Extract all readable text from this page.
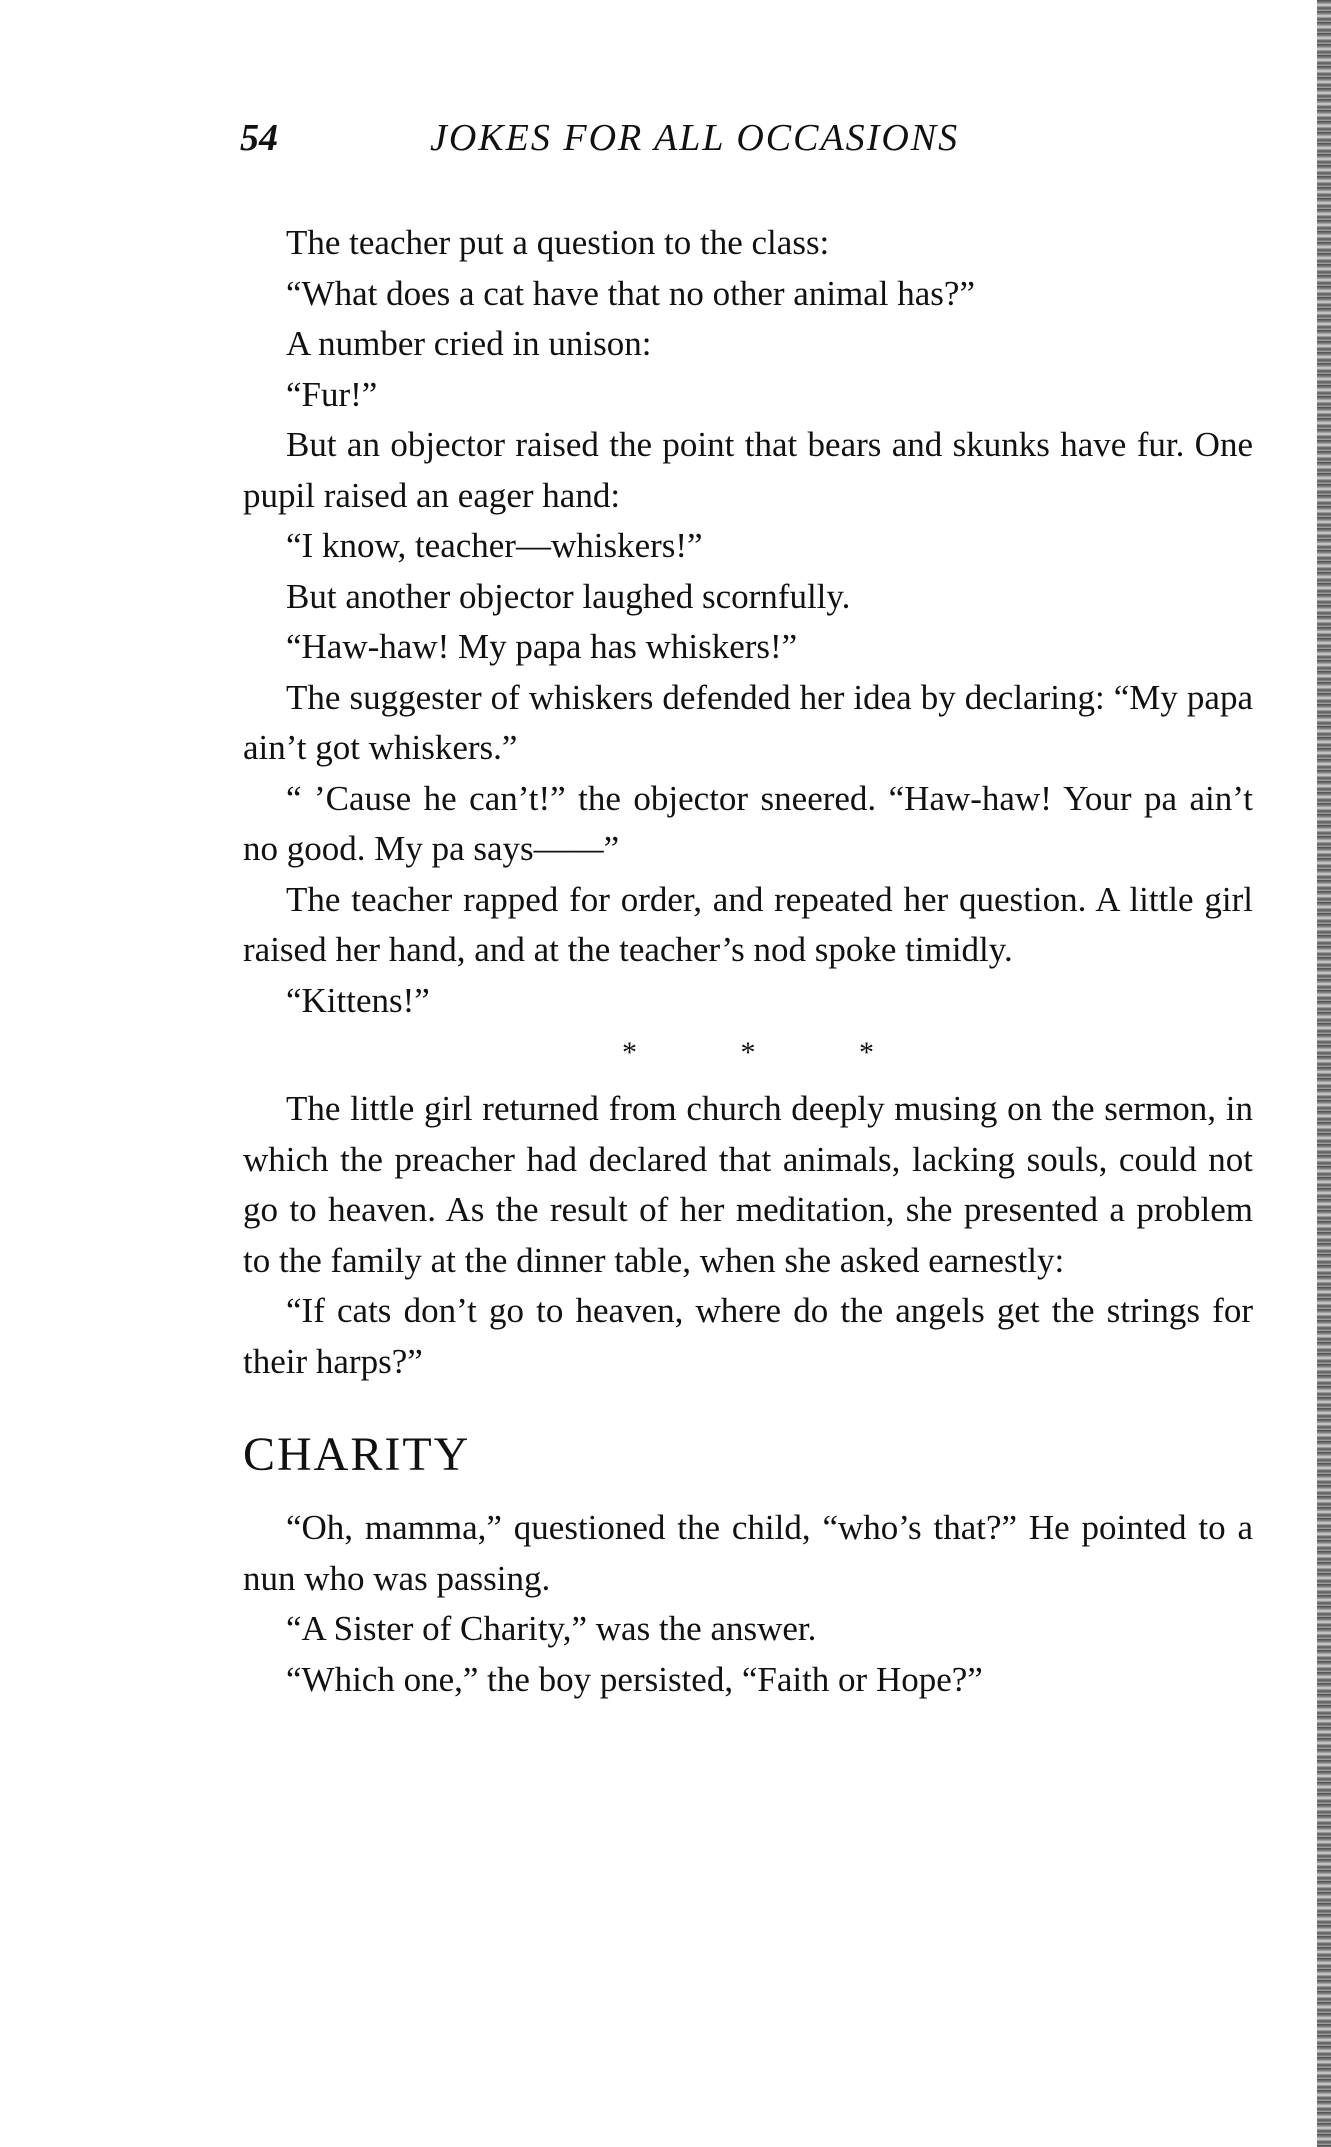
54	JOKES FOR ALL OCCASIONS

The teacher put a question to the class:

“What does a cat have that no other animal has?”

A number cried in unison:

“Fur!”

But an objector raised the point that bears and skunks have fur. One pupil raised an eager hand:

“I know, teacher—whiskers!”

But another objector laughed scornfully.

“Haw-haw! My papa has whiskers!”

The suggester of whiskers defended her idea by declaring: “My papa ain’t got whiskers.”

“ ’Cause he can’t!” the objector sneered. “Haw-haw! Your pa ain’t no good. My pa says——”

The teacher rapped for order, and repeated her question. A little girl raised her hand, and at the teacher’s nod spoke timidly.

“Kittens!”

* * *

The little girl returned from church deeply musing on the sermon, in which the preacher had declared that animals, lacking souls, could not go to heaven. As the result of her meditation, she presented a problem to the family at the dinner table, when she asked earnestly:

“If cats don’t go to heaven, where do the angels get the strings for their harps?”

CHARITY

“Oh, mamma,” questioned the child, “who’s that?” He pointed to a nun who was passing.

“A Sister of Charity,” was the answer.

“Which one,” the boy persisted, “Faith or Hope?”
